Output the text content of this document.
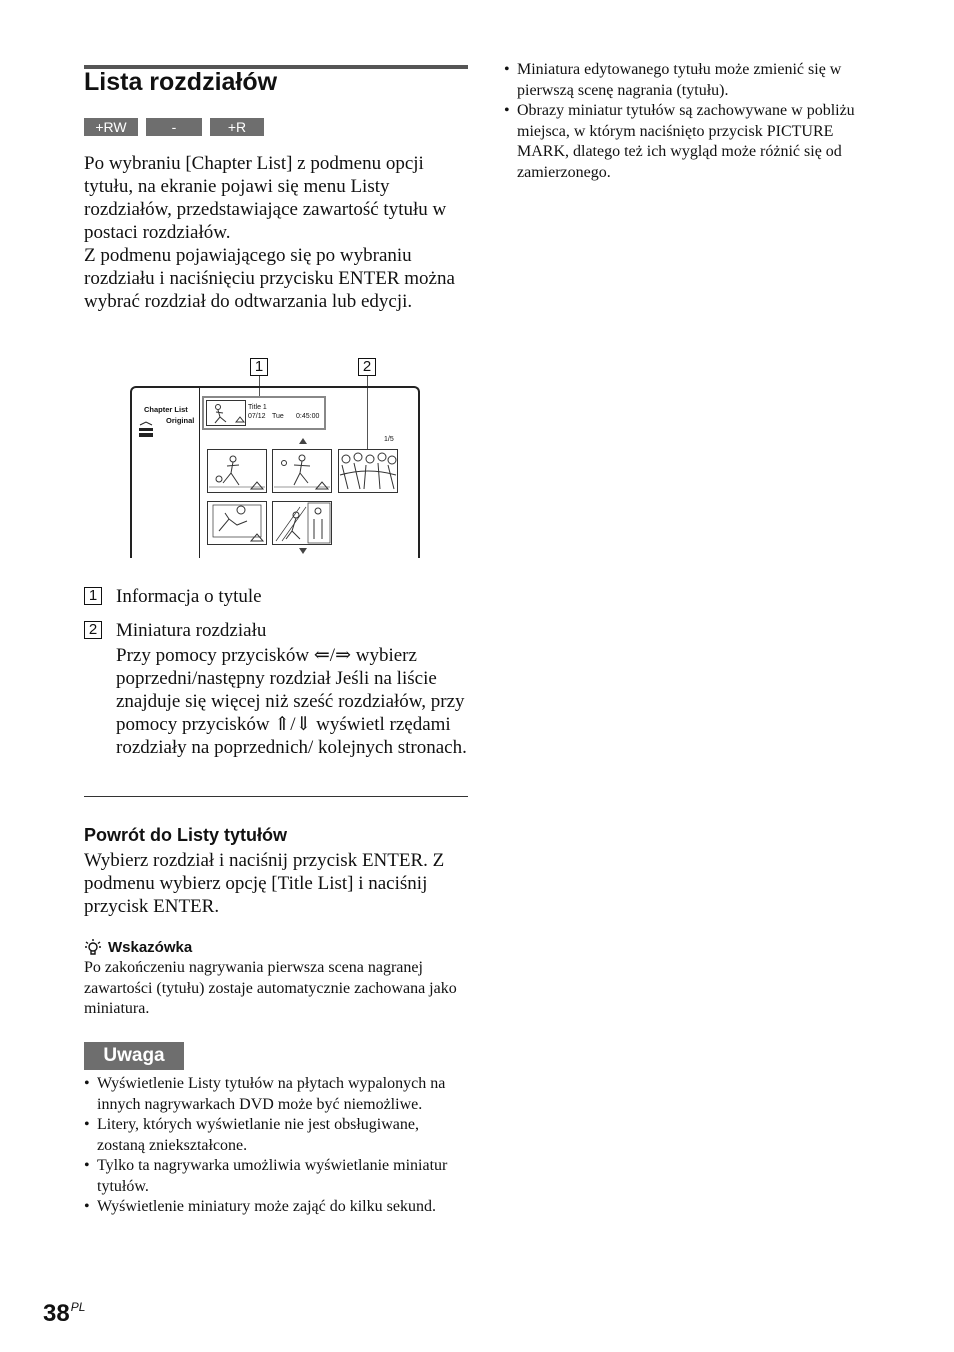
Lista rozdziałów
+RW	-RWVR
+R
Po wybraniu [Chapter List] z podmenu opcji tytułu, na ekranie pojawi się menu Listy rozdziałów, przedstawiające zawartość tytułu w postaci rozdziałów.
Z podmenu pojawiającego się po wybraniu rozdziału i naciśnięciu przycisku ENTER można wybrać rozdział do odtwarzania lub edycji.
1	2
Chapter List
Original
Title 1
07/12 Tue 0:45:00
1/5
1 Informacja o tytule
2 Miniatura rozdziału
Przy pomocy przycisków ⇐/⇒ wybierz poprzedni/następny rozdział Jeśli na liście znajduje się więcej niż sześć rozdziałów, przy pomocy przycisków ⇑/⇓ wyświetl rzędami rozdziały na poprzednich/ kolejnych stronach.
Powrót do Listy tytułów
Wybierz rozdział i naciśnij przycisk ENTER. Z podmenu wybierz opcję [Title List] i naciśnij przycisk ENTER.
Wskazówka
Po zakończeniu nagrywania pierwsza scena nagranej zawartości (tytułu) zostaje automatycznie zachowana jako miniatura.
Uwaga
• Wyświetlenie Listy tytułów na płytach wypalonych na innych nagrywarkach DVD może być niemożliwe.
• Litery, których wyświetlanie nie jest obsługiwane, zostaną zniekształcone.
• Tylko ta nagrywarka umożliwia wyświetlanie miniatur tytułów.
• Wyświetlenie miniatury może zająć do kilku sekund.
• Miniatura edytowanego tytułu może zmienić się w pierwszą scenę nagrania (tytułu).
• Obrazy miniatur tytułów są zachowywane w pobliżu miejsca, w którym naciśnięto przycisk PICTURE MARK, dlatego też ich wygląd może różnić się od zamierzonego.
$38^{PL}$
